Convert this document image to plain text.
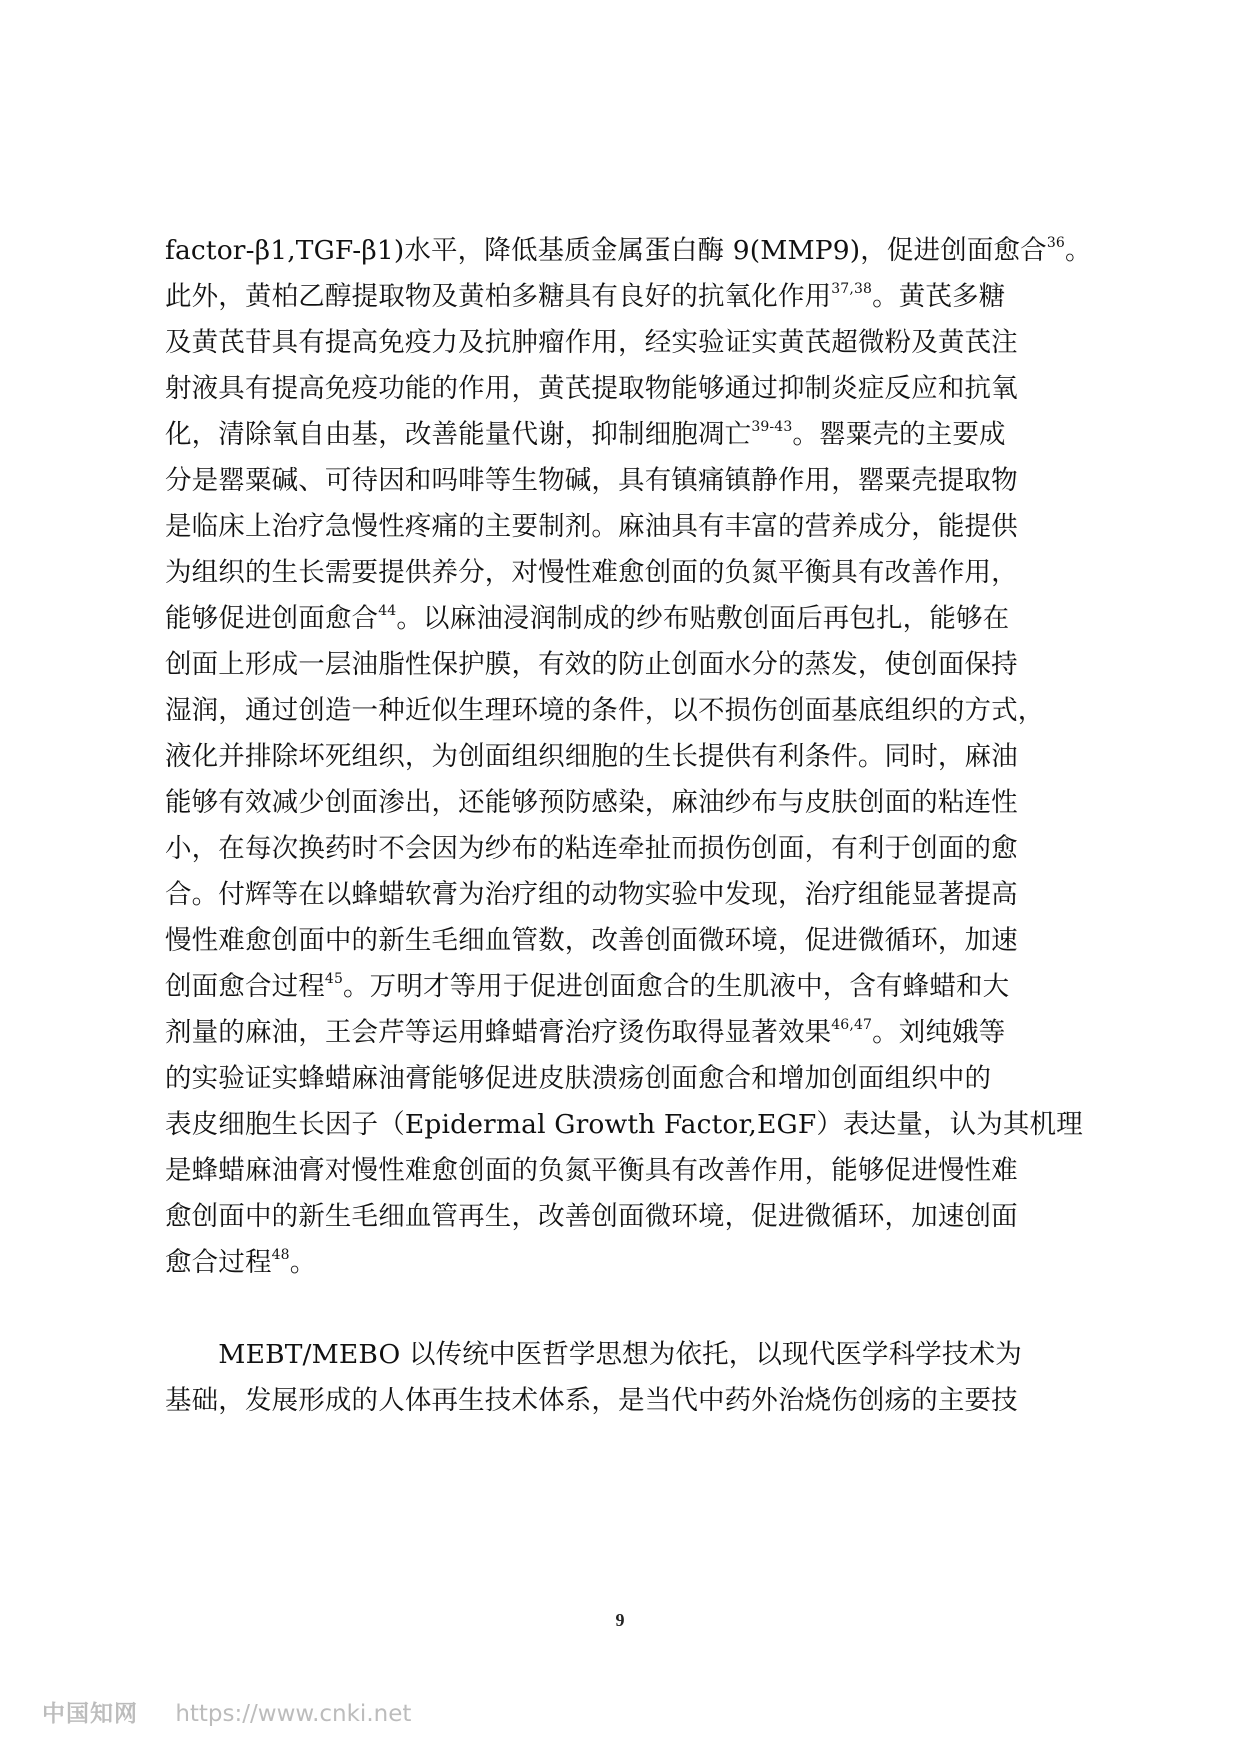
factor-β1,TGF-β1)水平，降低基质金属蛋白酶 9(MMP9)，促进创面愈合$^{36}$。
此外，黄柏乙醇提取物及黄柏多糖具有良好的抗氧化作用$^{37,38}$。黄芪多糖
及黄芪苷具有提高免疫力及抗肿瘤作用，经实验证实黄芪超微粉及黄芪注
射液具有提高免疫功能的作用，黄芪提取物能够通过抑制炎症反应和抗氧
化，清除氧自由基，改善能量代谢，抑制细胞凋亡$^{39-43}$。罂粟壳的主要成
分是罂粟碱、可待因和吗啡等生物碱，具有镇痛镇静作用，罂粟壳提取物
是临床上治疗急慢性疼痛的主要制剂。麻油具有丰富的营养成分，能提供
为组织的生长需要提供养分，对慢性难愈创面的负氮平衡具有改善作用，
能够促进创面愈合$^{44}$。以麻油浸润制成的纱布贴敷创面后再包扎，能够在
创面上形成一层油脂性保护膜，有效的防止创面水分的蒸发，使创面保持
湿润，通过创造一种近似生理环境的条件，以不损伤创面基底组织的方式，
液化并排除坏死组织，为创面组织细胞的生长提供有利条件。同时，麻油
能够有效减少创面渗出，还能够预防感染，麻油纱布与皮肤创面的粘连性
小，在每次换药时不会因为纱布的粘连牵扯而损伤创面，有利于创面的愈
合。付辉等在以蜂蜡软膏为治疗组的动物实验中发现，治疗组能显著提高
慢性难愈创面中的新生毛细血管数，改善创面微环境，促进微循环，加速
创面愈合过程$^{45}$。万明才等用于促进创面愈合的生肌液中，含有蜂蜡和大
剂量的麻油，王会芹等运用蜂蜡膏治疗烫伤取得显著效果$^{46,47}$。刘纯娥等
的实验证实蜂蜡麻油膏能够促进皮肤溃疡创面愈合和增加创面组织中的
表皮细胞生长因子（Epidermal Growth Factor,EGF）表达量，认为其机理
是蜂蜡麻油膏对慢性难愈创面的负氮平衡具有改善作用，能够促进慢性难
愈创面中的新生毛细血管再生，改善创面微环境，促进微循环，加速创面
愈合过程$^{48}$。
　　MEBT/MEBO 以传统中医哲学思想为依托，以现代医学科学技术为
基础，发展形成的人体再生技术体系，是当代中药外治烧伤创疡的主要技
9
中国知网 https://www.cnki.net
